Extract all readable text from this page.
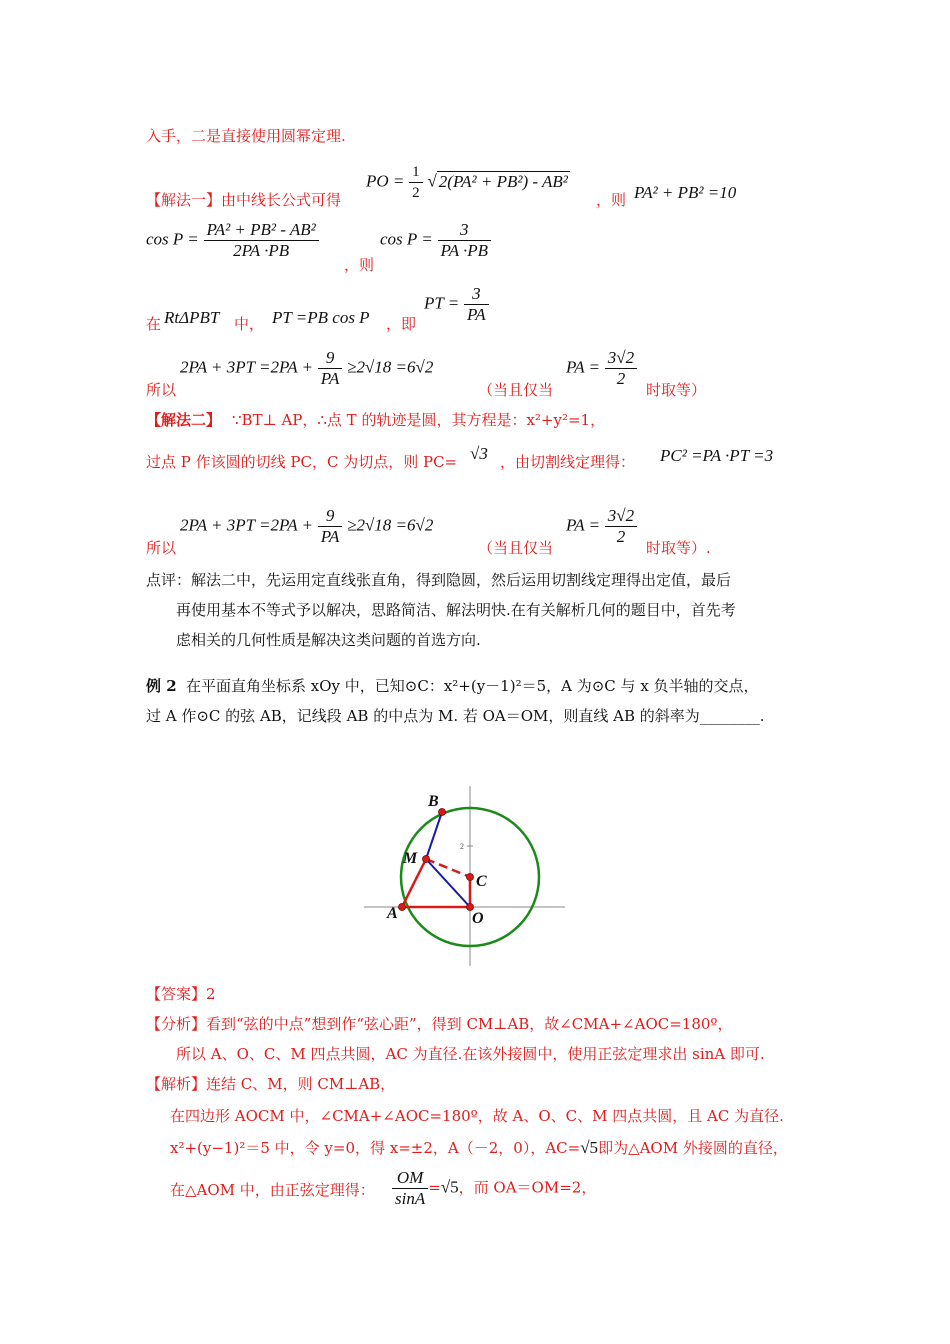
入手，二是直接使用圆幂定理.
【解法一】由中线长公式可得
PO = $\frac{1}{2}$ √ 2(PA² + PB²) - AB²
，则 PA² + PB² =10
$\cos P = \frac{\text{PA² + PB² - AB²}}{2PA \cdot PB}$
，则
$\cos P = \frac{3}{PA \cdot PB}$
在 RtΔPBT 中， PT =PB cos P ，即
PT = $\frac{3}{PA}$
所以
$2PA + 3PT =2PA + \frac{9}{PA} \ge 2√18 =6√2$
（当且仅当
PA = $\frac{3√2}{2}$
时取等）
【解法二】 ∵BT⊥ AP，∴点 T 的轨迹是圆，其方程是：x²+y²=1，
过点 P 作该圆的切线 PC，C 为切点，则 PC= √3 ，由切割线定理得： PC² =PA ·PT =3
所以
$2PA + 3PT =2PA + \frac{9}{PA} \ge 2√18 =6√2$
（当且仅当
PA = $\frac{3√2}{2}$
时取等）.
点评：解法二中，先运用定直线张直角，得到隐圆，然后运用切割线定理得出定值，最后
再使用基本不等式予以解决，思路简洁、解法明快.在有关解析几何的题目中，首先考
虑相关的几何性质是解决这类问题的首选方向.
例 2 在平面直角坐标系 xOy 中，已知⊙C：x²+(y－1)²＝5，A 为⊙C 与 x 负半轴的交点，
过 A 作⊙C 的弦 AB，记线段 AB 的中点为 M. 若 OA＝OM，则直线 AB 的斜率为________.
2
B
M
C
A	O
【答案】2
【分析】看到“弦的中点”想到作“弦心距”，得到 CM⊥AB，故∠CMA+∠AOC=180º，
所以 A、O、C、M 四点共圆，AC 为直径.在该外接圆中，使用正弦定理求出 sinA 即可.
【解析】连结 C、M，则 CM⊥AB，
在四边形 AOCM 中，∠CMA+∠AOC=180º，故 A、O、C、M 四点共圆，且 AC 为直径.
x²+(y−1)²＝5 中，令 y=0，得 x=±2，A（－2，0），AC=√5即为△AOM 外接圆的直径，
在△AOM 中，由正弦定理得： $\frac{OM}{\sin A} =√5$，而 OA＝OM=2，
